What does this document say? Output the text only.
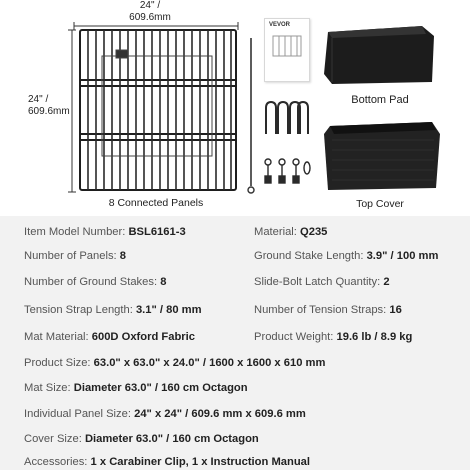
24" /
609.6mm
24" /
609.6mm
8 Connected Panels
VEVOR
Bottom Pad
Top Cover
Item Model Number: BSL6161-3	Material: Q235
Number of Panels: 8	Ground Stake Length: 3.9" / 100 mm
Number of Ground Stakes: 8	Slide-Bolt Latch Quantity: 2
Tension Strap Length: 3.1" / 80 mm	Number of Tension Straps: 16
Mat Material: 600D Oxford Fabric	Product Weight: 19.6 lb / 8.9 kg
Product Size: 63.0" x 63.0" x 24.0" / 1600 x 1600 x 610 mm
Mat Size: Diameter 63.0" / 160 cm Octagon
Individual Panel Size: 24" x 24" / 609.6 mm x 609.6 mm
Cover Size: Diameter 63.0" / 160 cm Octagon
Accessories: 1 x Carabiner Clip, 1 x Instruction Manual
